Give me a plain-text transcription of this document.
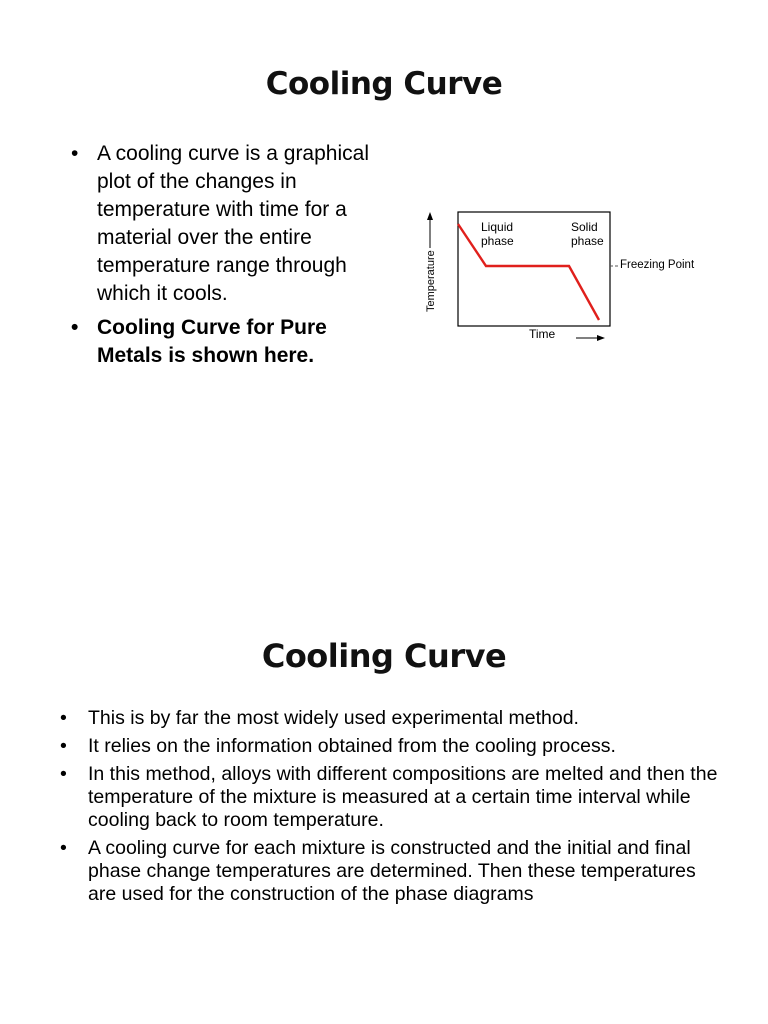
Cooling Curve
• A cooling curve is a graphical plot of the changes in temperature with time for a material over the entire temperature range through which it cools.
• Cooling Curve for Pure Metals is shown here.
Temperature
Time
Liquid
phase
Solid
phase
Freezing Point
Cooling Curve
• This is by far the most widely used experimental method.
• It relies on the information obtained from the cooling process.
• In this method, alloys with different compositions are melted and then the temperature of the mixture is measured at a certain time interval while cooling back to room temperature.
• A cooling curve for each mixture is constructed and the initial and final phase change temperatures are determined. Then these temperatures are used for the construction of the phase diagrams
